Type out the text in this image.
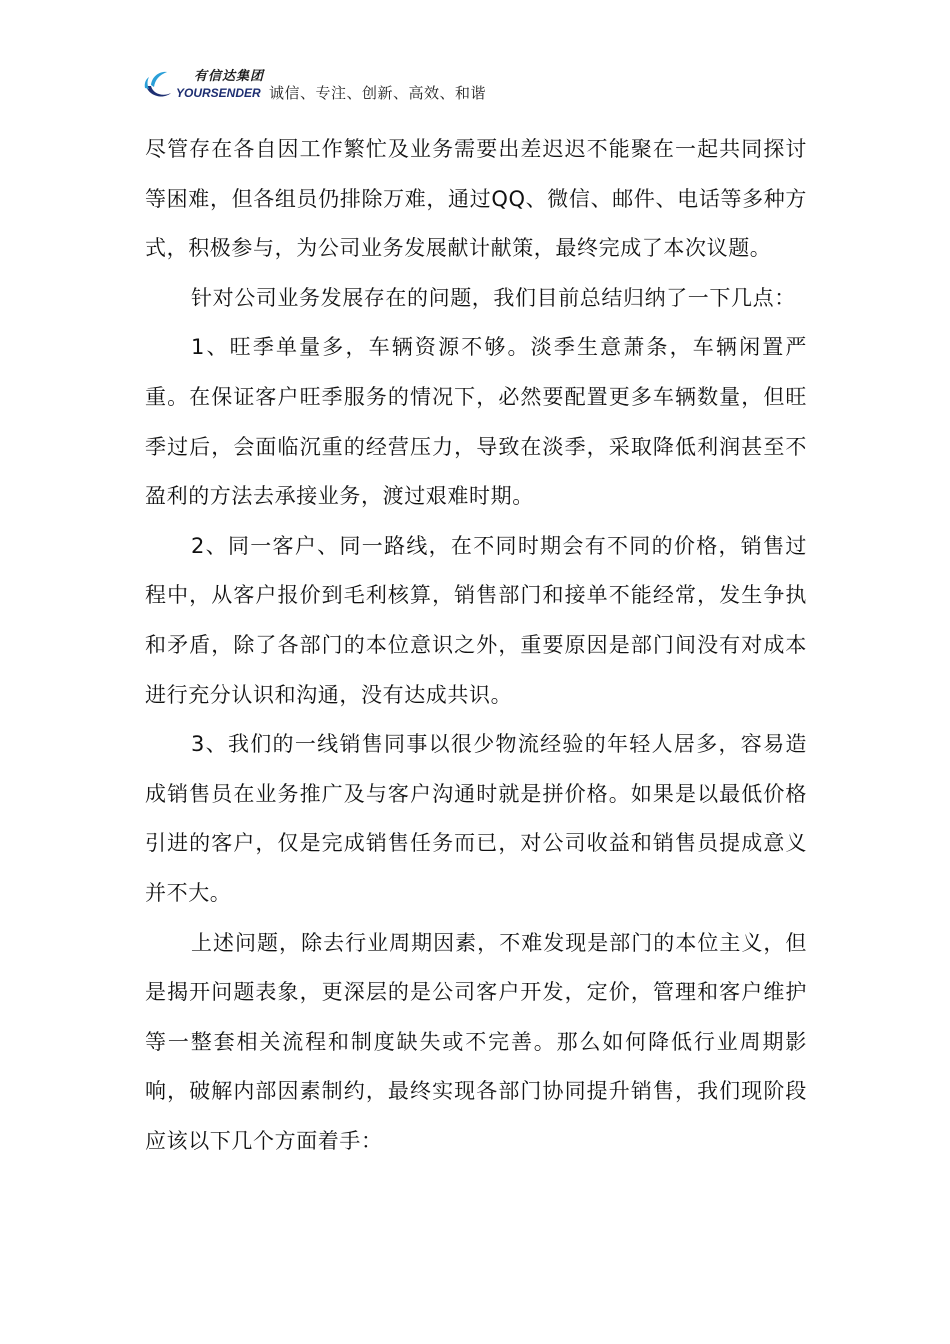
有信达集团
YOURSENDER 诚信、专注、创新、高效、和谐

尽管存在各自因工作繁忙及业务需要出差迟迟不能聚在一起共同探讨等困难，但各组员仍排除万难，通过QQ、微信、邮件、电话等多种方式，积极参与，为公司业务发展献计献策，最终完成了本次议题。

针对公司业务发展存在的问题，我们目前总结归纳了一下几点：

1、旺季单量多，车辆资源不够。淡季生意萧条，车辆闲置严重。在保证客户旺季服务的情况下，必然要配置更多车辆数量，但旺季过后，会面临沉重的经营压力，导致在淡季，采取降低利润甚至不盈利的方法去承接业务，渡过艰难时期。

2、同一客户、同一路线，在不同时期会有不同的价格，销售过程中，从客户报价到毛利核算，销售部门和接单不能经常，发生争执和矛盾，除了各部门的本位意识之外，重要原因是部门间没有对成本进行充分认识和沟通，没有达成共识。

3、我们的一线销售同事以很少物流经验的年轻人居多，容易造成销售员在业务推广及与客户沟通时就是拼价格。如果是以最低价格引进的客户，仅是完成销售任务而已，对公司收益和销售员提成意义并不大。

上述问题，除去行业周期因素，不难发现是部门的本位主义，但是揭开问题表象，更深层的是公司客户开发，定价，管理和客户维护等一整套相关流程和制度缺失或不完善。那么如何降低行业周期影响，破解内部因素制约，最终实现各部门协同提升销售，我们现阶段应该以下几个方面着手：
